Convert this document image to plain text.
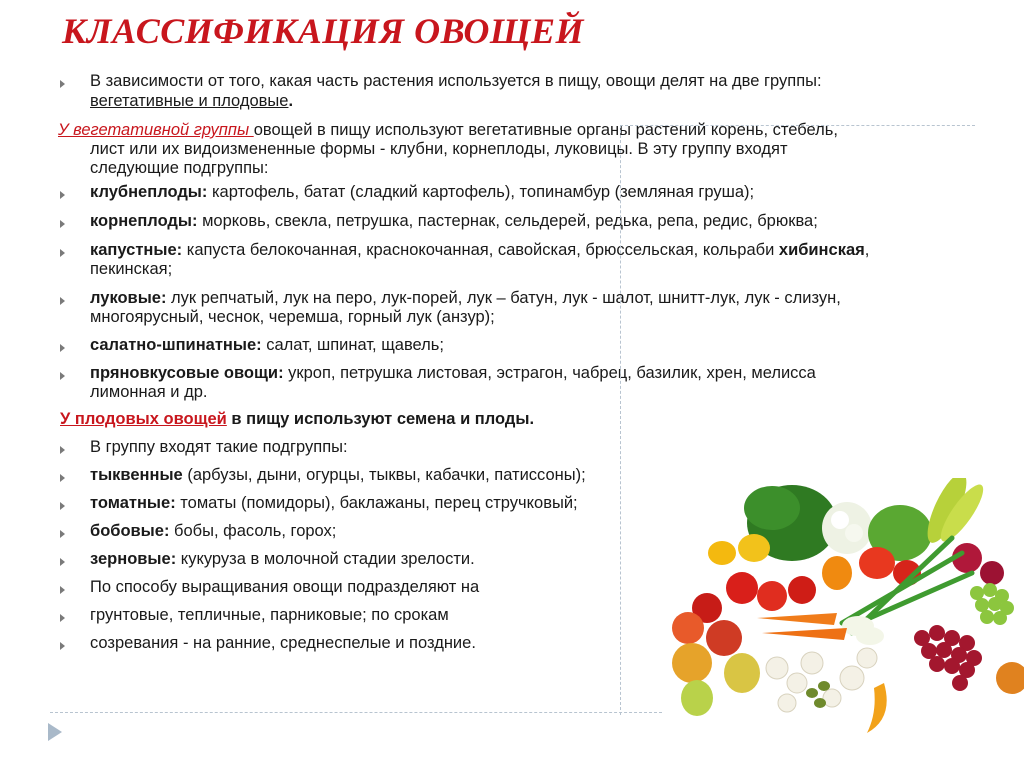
КЛАССИФИКАЦИЯ ОВОЩЕЙ
В зависимости от того, какая часть растения используется в пищу, овощи делят на две группы:
вегетативные и плодовые.
У вегетативной группы овощей в пищу используют вегетативные органы растений корень, стебель,
лист или их видоизмененные формы - клубни, корнеплоды, луковицы. В эту группу входят
следующие подгруппы:
клубнеплоды: картофель, батат (сладкий картофель), топинамбур (земляная груша);
корнеплоды: морковь, свекла, петрушка, пастернак, сельдерей, редька, репа, редис, брюква;
капустные: капуста белокочанная, краснокочанная, савойская, брюссельская, кольраби хибинская,
пекинская;
луковые: лук репчатый, лук на перо, лук-порей, лук – батун, лук - шалот, шнитт-лук, лук - слизун,
многоярусный, чеснок, черемша, горный лук (анзур);
салатно-шпинатные: салат, шпинат, щавель;
пряновкусовые овощи: укроп, петрушка листовая, эстрагон, чабрец, базилик, хрен, мелисса
лимонная и др.
У плодовых овощей в пищу используют семена и плоды.
В группу входят такие подгруппы:
тыквенные (арбузы, дыни, огурцы, тыквы, кабачки, патиссоны);
томатные: томаты (помидоры), баклажаны, перец стручковый;
бобовые: бобы, фасоль, горох;
зерновые: кукуруза в молочной стадии зрелости.
По способу выращивания овощи подразделяют на
грунтовые, тепличные, парниковые; по срокам
созревания - на ранние, среднеспелые и поздние.
